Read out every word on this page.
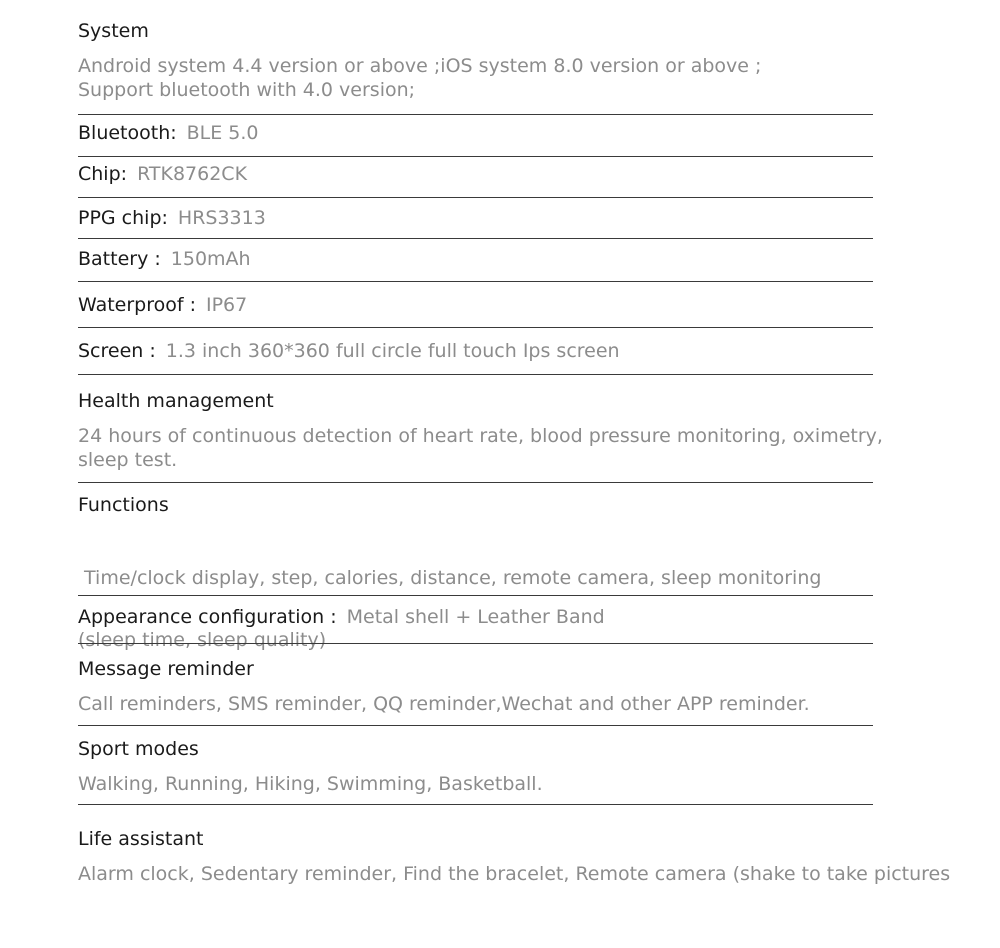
System
Android system 4.4 version or above ;iOS system 8.0 version or above ;
Support bluetooth with 4.0 version;
Bluetooth: BLE 5.0
Chip: RTK8762CK
PPG chip: HRS3313
Battery : 150mAh
Waterproof : IP67
Screen : 1.3 inch 360*360 full circle full touch Ips screen
Health management
24 hours of continuous detection of heart rate, blood pressure monitoring, oximetry,
sleep test.
Functions

Time/clock display, step, calories, distance, remote camera, sleep monitoring

(sleep time, sleep quality)

Appearance configuration : Metal shell + Leather Band
Message reminder
Call reminders, SMS reminder, QQ reminder,Wechat and other APP reminder.
Sport modes
Walking, Running, Hiking, Swimming, Basketball.
Life assistant
Alarm clock, Sedentary reminder, Find the bracelet, Remote camera (shake to take pictures
